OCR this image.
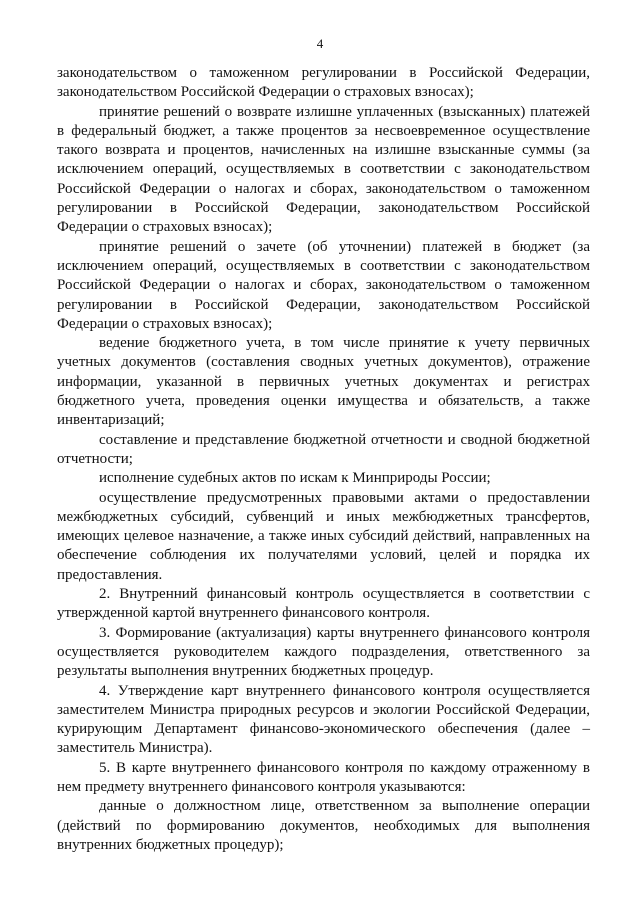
4

законодательством о таможенном регулировании в Российской Федерации, законодательством Российской Федерации о страховых взносах);

принятие решений о возврате излишне уплаченных (взысканных) платежей в федеральный бюджет, а также процентов за несвоевременное осуществление такого возврата и процентов, начисленных на излишне взысканные суммы (за исключением операций, осуществляемых в соответствии с законодательством Российской Федерации о налогах и сборах, законодательством о таможенном регулировании в Российской Федерации, законодательством Российской Федерации о страховых взносах);

принятие решений о зачете (об уточнении) платежей в бюджет (за исключением операций, осуществляемых в соответствии с законодательством Российской Федерации о налогах и сборах, законодательством о таможенном регулировании в Российской Федерации, законодательством Российской Федерации о страховых взносах);

ведение бюджетного учета, в том числе принятие к учету первичных учетных документов (составления сводных учетных документов), отражение информации, указанной в первичных учетных документах и регистрах бюджетного учета, проведения оценки имущества и обязательств, а также инвентаризаций;

составление и представление бюджетной отчетности и сводной бюджетной отчетности;

исполнение судебных актов по искам к Минприроды России;

осуществление предусмотренных правовыми актами о предоставлении межбюджетных субсидий, субвенций и иных межбюджетных трансфертов, имеющих целевое назначение, а также иных субсидий действий, направленных на обеспечение соблюдения их получателями условий, целей и порядка их предоставления.

2. Внутренний финансовый контроль осуществляется в соответствии с утвержденной картой внутреннего финансового контроля.

3. Формирование (актуализация) карты внутреннего финансового контроля осуществляется руководителем каждого подразделения, ответственного за результаты выполнения внутренних бюджетных процедур.

4. Утверждение карт внутреннего финансового контроля осуществляется заместителем Министра природных ресурсов и экологии Российской Федерации, курирующим Департамент финансово-экономического обеспечения (далее – заместитель Министра).

5. В карте внутреннего финансового контроля по каждому отраженному в нем предмету внутреннего финансового контроля указываются:

данные о должностном лице, ответственном за выполнение операции (действий по формированию документов, необходимых для выполнения внутренних бюджетных процедур);
